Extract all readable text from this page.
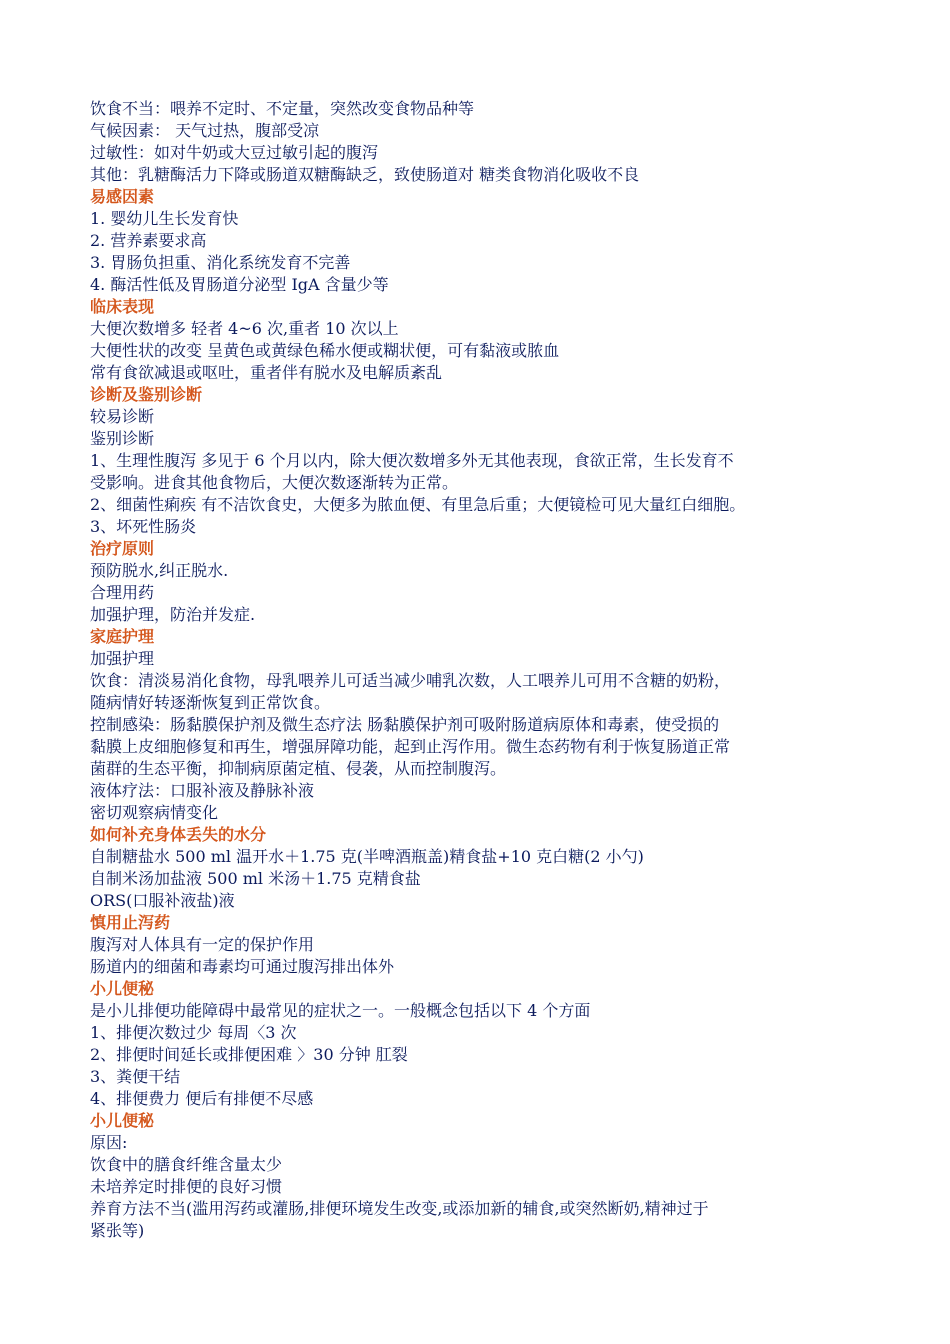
饮食不当：喂养不定时、不定量，突然改变食物品种等
气候因素： 天气过热，腹部受凉
过敏性：如对牛奶或大豆过敏引起的腹泻
其他：乳糖酶活力下降或肠道双糖酶缺乏，致使肠道对 糖类食物消化吸收不良
易感因素
1. 婴幼儿生长发育快
2. 营养素要求高
3. 胃肠负担重、消化系统发育不完善
4. 酶活性低及胃肠道分泌型 IgA 含量少等
临床表现
大便次数增多 轻者 4~6 次,重者 10 次以上
大便性状的改变 呈黄色或黄绿色稀水便或糊状便，可有黏液或脓血
常有食欲减退或呕吐，重者伴有脱水及电解质紊乱
诊断及鉴别诊断
较易诊断
鉴别诊断
1、生理性腹泻 多见于 6 个月以内，除大便次数增多外无其他表现，食欲正常，生长发育不
受影响。进食其他食物后，大便次数逐渐转为正常。
2、细菌性痢疾 有不洁饮食史，大便多为脓血便、有里急后重；大便镜检可见大量红白细胞。
3、坏死性肠炎
治疗原则
预防脱水,纠正脱水.
合理用药
加强护理，防治并发症.
家庭护理
加强护理
饮食：清淡易消化食物，母乳喂养儿可适当减少哺乳次数，人工喂养儿可用不含糖的奶粉，
随病情好转逐渐恢复到正常饮食。
控制感染：肠黏膜保护剂及微生态疗法 肠黏膜保护剂可吸附肠道病原体和毒素，使受损的
黏膜上皮细胞修复和再生，增强屏障功能，起到止泻作用。微生态药物有利于恢复肠道正常
菌群的生态平衡，抑制病原菌定植、侵袭，从而控制腹泻。
液体疗法：口服补液及静脉补液
密切观察病情变化
如何补充身体丢失的水分
自制糖盐水 500 ml 温开水＋1.75 克(半啤酒瓶盖)精食盐+10 克白糖(2 小勺)
自制米汤加盐液 500 ml 米汤＋1.75 克精食盐
ORS(口服补液盐)液
慎用止泻药
腹泻对人体具有一定的保护作用
肠道内的细菌和毒素均可通过腹泻排出体外
小儿便秘
是小儿排便功能障碍中最常见的症状之一。一般概念包括以下 4 个方面
1、排便次数过少 每周〈3 次
2、排便时间延长或排便困难 〉30 分钟 肛裂
3、粪便干结
4、排便费力 便后有排便不尽感
小儿便秘
原因:
饮食中的膳食纤维含量太少
未培养定时排便的良好习惯
养育方法不当(滥用泻药或灌肠,排便环境发生改变,或添加新的辅食,或突然断奶,精神过于
紧张等)
